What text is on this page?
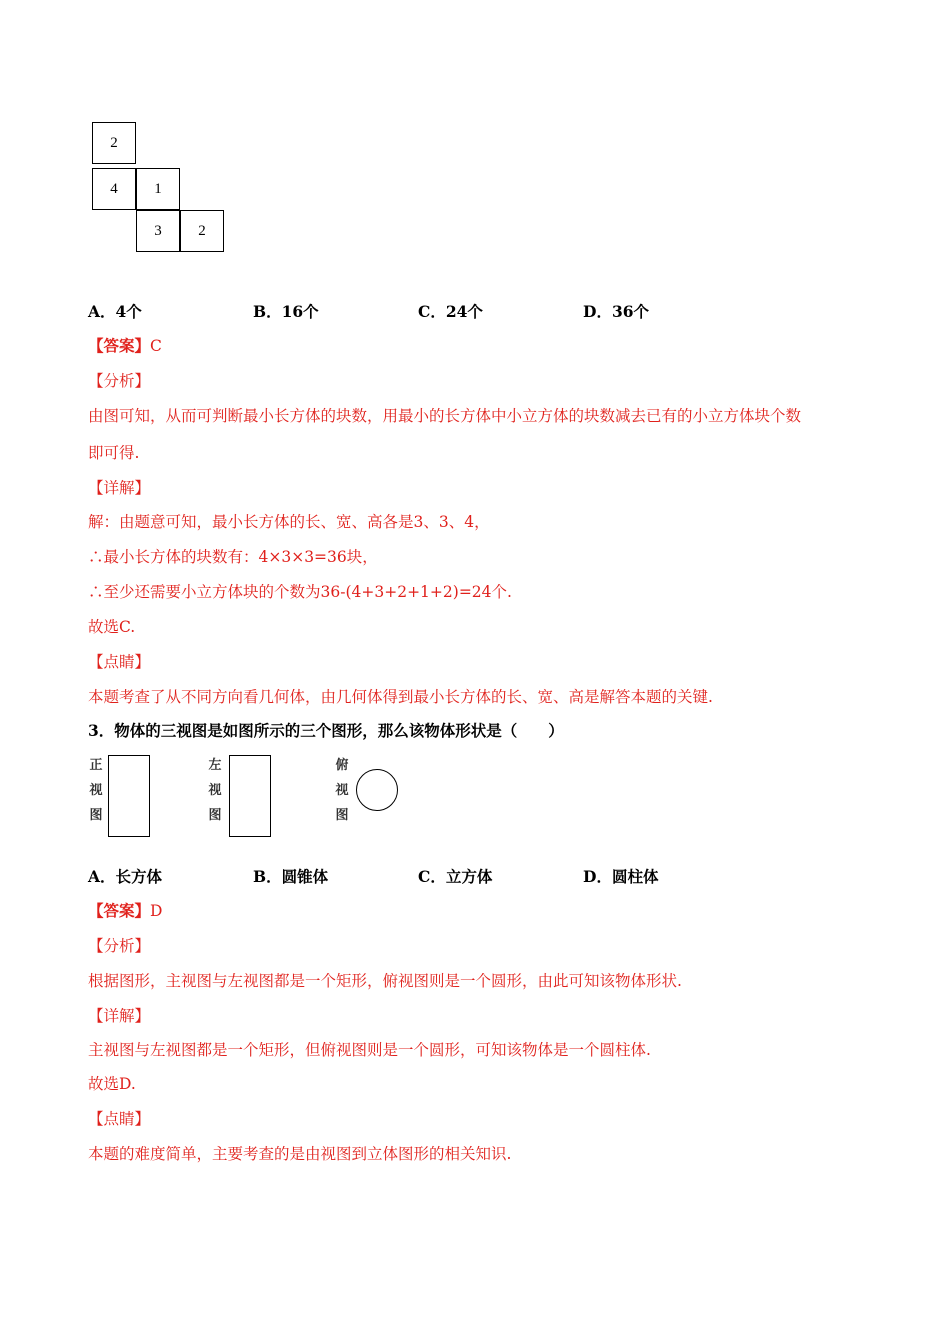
2
4	1
3	2
A．4个	B．16个	C．24个	D．36个
【答案】C
【分析】
由图可知，从而可判断最小长方体的块数，用最小的长方体中小立方体的块数减去已有的小立方体块个数
即可得.
【详解】
解：由题意可知，最小长方体的长、宽、高各是3、3、4，
∴最小长方体的块数有：4×3×3=36块，
∴至少还需要小立方体块的个数为36-(4+3+2+1+2)=24个.
故选C.
【点睛】
本题考查了从不同方向看几何体，由几何体得到最小长方体的长、宽、高是解答本题的关键.
3．物体的三视图是如图所示的三个图形，那么该物体形状是（　　）
正
视
图
左
视
图
俯
视
图
A．长方体	B．圆锥体	C．立方体	D．圆柱体
【答案】D
【分析】
根据图形，主视图与左视图都是一个矩形，俯视图则是一个圆形，由此可知该物体形状.
【详解】
主视图与左视图都是一个矩形，但俯视图则是一个圆形，可知该物体是一个圆柱体.
故选D.
【点睛】
本题的难度简单，主要考查的是由视图到立体图形的相关知识.
